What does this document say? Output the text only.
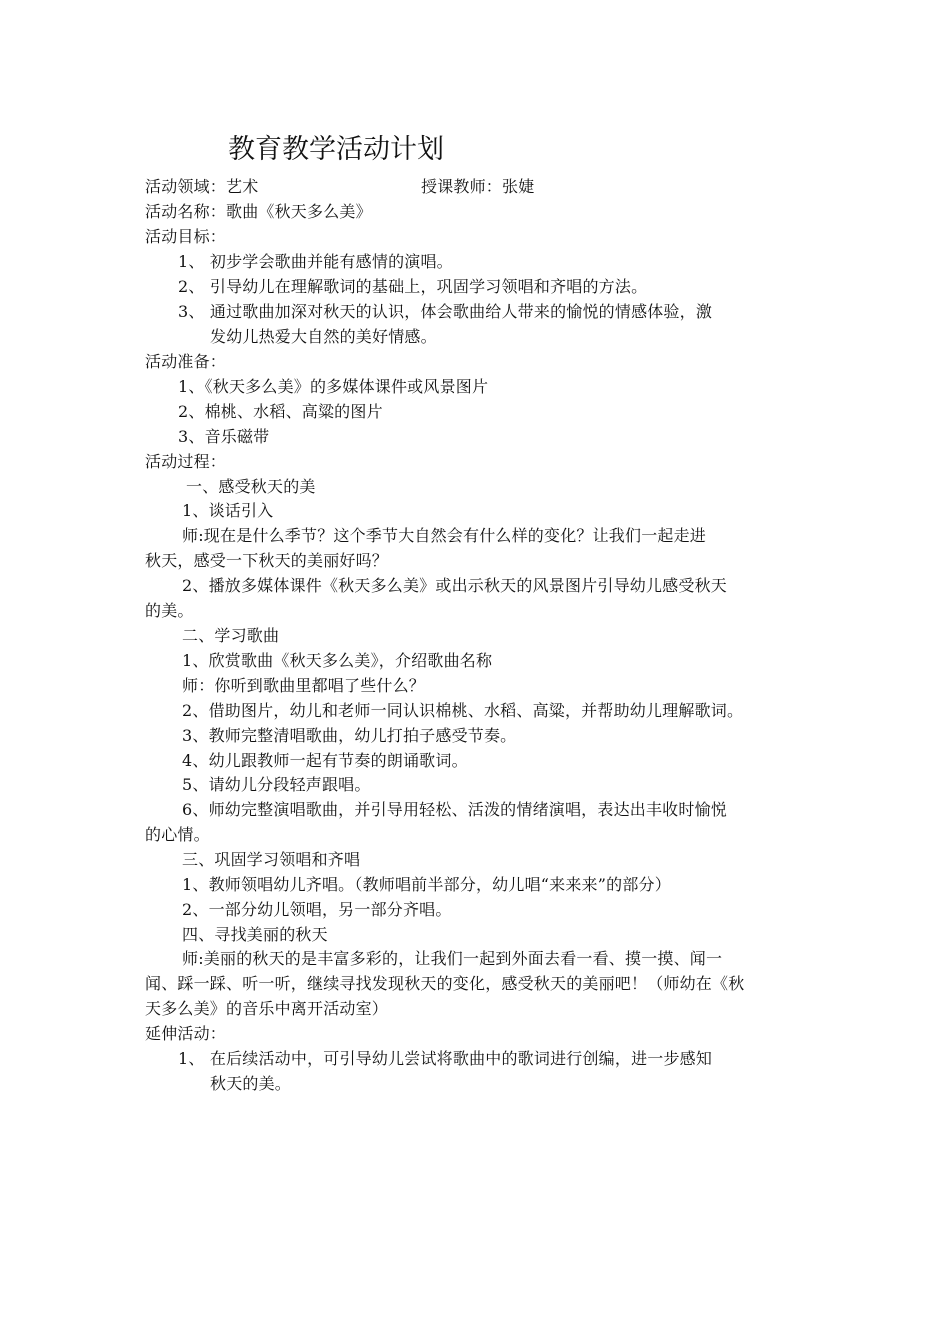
教育教学活动计划
活动领域：艺术	授课教师：张婕
活动名称：歌曲《秋天多么美》
活动目标：
1、 初步学会歌曲并能有感情的演唱。
2、 引导幼儿在理解歌词的基础上，巩固学习领唱和齐唱的方法。
3、 通过歌曲加深对秋天的认识，体会歌曲给人带来的愉悦的情感体验，激
发幼儿热爱大自然的美好情感。
活动准备：
1、《秋天多么美》的多媒体课件或风景图片
2、棉桃、水稻、高粱的图片
3、音乐磁带
活动过程：
一、感受秋天的美
1、谈话引入
师:现在是什么季节？这个季节大自然会有什么样的变化？让我们一起走进
秋天，感受一下秋天的美丽好吗？
2、播放多媒体课件《秋天多么美》或出示秋天的风景图片引导幼儿感受秋天
的美。
二、学习歌曲
1、欣赏歌曲《秋天多么美》，介绍歌曲名称
师：你听到歌曲里都唱了些什么？
2、借助图片，幼儿和老师一同认识棉桃、水稻、高粱，并帮助幼儿理解歌词。
3、教师完整清唱歌曲，幼儿打拍子感受节奏。
4、幼儿跟教师一起有节奏的朗诵歌词。
5、请幼儿分段轻声跟唱。
6、师幼完整演唱歌曲，并引导用轻松、活泼的情绪演唱，表达出丰收时愉悦
的心情。
三、巩固学习领唱和齐唱
1、教师领唱幼儿齐唱。（教师唱前半部分，幼儿唱“来来来”的部分）
2、一部分幼儿领唱，另一部分齐唱。
四、寻找美丽的秋天
师:美丽的秋天的是丰富多彩的，让我们一起到外面去看一看、摸一摸、闻一
闻、踩一踩、听一听，继续寻找发现秋天的变化，感受秋天的美丽吧！（师幼在《秋
天多么美》的音乐中离开活动室）
延伸活动：
1、 在后续活动中，可引导幼儿尝试将歌曲中的歌词进行创编，进一步感知
秋天的美。
